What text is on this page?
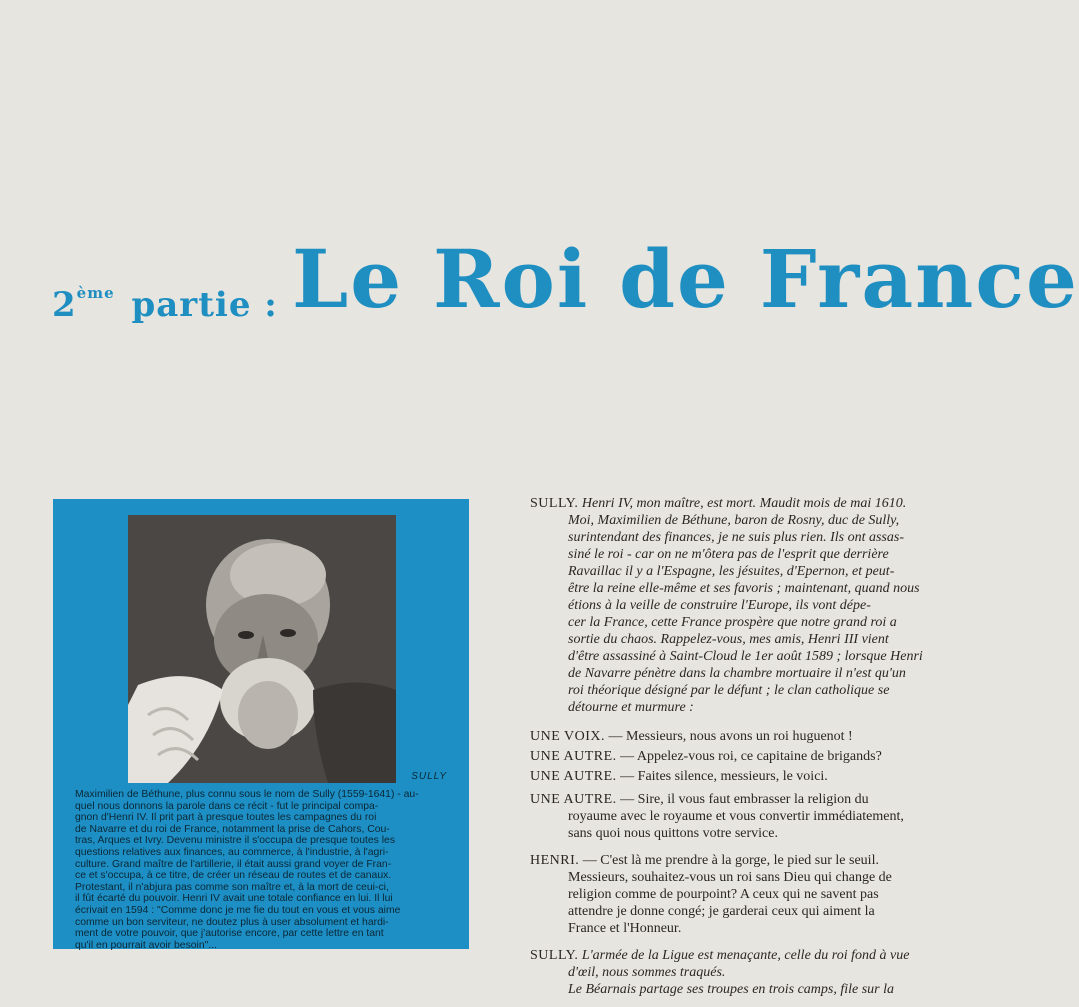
2ème partie : Le Roi de France
SULLY

Maximilien de Béthune, plus connu sous le nom de Sully (1559-1641) - au-
quel nous donnons la parole dans ce récit - fut le principal compa-
gnon d'Henri IV. Il prit part à presque toutes les campagnes du roi
de Navarre et du roi de France, notamment la prise de Cahors, Cou-
tras, Arques et Ivry. Devenu ministre il s'occupa de presque toutes les
questions relatives aux finances, au commerce, à l'industrie, à l'agri-
culture. Grand maître de l'artillerie, il était aussi grand voyer de Fran-
ce et s'occupa, à ce titre, de créer un réseau de routes et de canaux.
Protestant, il n'abjura pas comme son maître et, à la mort de ceui-ci,
il fût écarté du pouvoir. Henri IV avait une totale confiance en lui. Il lui
écrivait en 1594 : "Comme donc je me fie du tout en vous et vous aime
comme un bon serviteur, ne doutez plus à user absolument et hardi-
ment de votre pouvoir, que j'autorise encore, par cette lettre en tant
qu'il en pourrait avoir besoin"...

SULLY. Henri IV, mon maître, est mort. Maudit mois de mai 1610.
Moi, Maximilien de Béthune, baron de Rosny, duc de Sully,
surintendant des finances, je ne suis plus rien. Ils ont assas-
siné le roi - car on ne m'ôtera pas de l'esprit que derrière
Ravaillac il y a l'Espagne, les jésuites, d'Epernon, et peut-
être la reine elle-même et ses favoris ; maintenant, quand nous
étions à la veille de construire l'Europe, ils vont dépe-
cer la France, cette France prospère que notre grand roi a
sortie du chaos. Rappelez-vous, mes amis, Henri III vient
d'être assassiné à Saint-Cloud le 1er août 1589 ; lorsque Henri
de Navarre pénètre dans la chambre mortuaire il n'est qu'un
roi théorique désigné par le défunt ; le clan catholique se
détourne et murmure :
UNE VOIX. — Messieurs, nous avons un roi huguenot !
UNE AUTRE. — Appelez-vous roi, ce capitaine de brigands?
UNE AUTRE. — Faites silence, messieurs, le voici.
UNE AUTRE. — Sire, il vous faut embrasser la religion du
royaume avec le royaume et vous convertir immédiatement,
sans quoi nous quittons votre service.
HENRI. — C'est là me prendre à la gorge, le pied sur le seuil.
Messieurs, souhaitez-vous un roi sans Dieu qui change de
religion comme de pourpoint? A ceux qui ne savent pas
attendre je donne congé; je garderai ceux qui aiment la
France et l'Honneur.
SULLY. L'armée de la Ligue est menaçante, celle du roi fond à vue
d'œil, nous sommes traqués.
Le Béarnais partage ses troupes en trois camps, file sur la
